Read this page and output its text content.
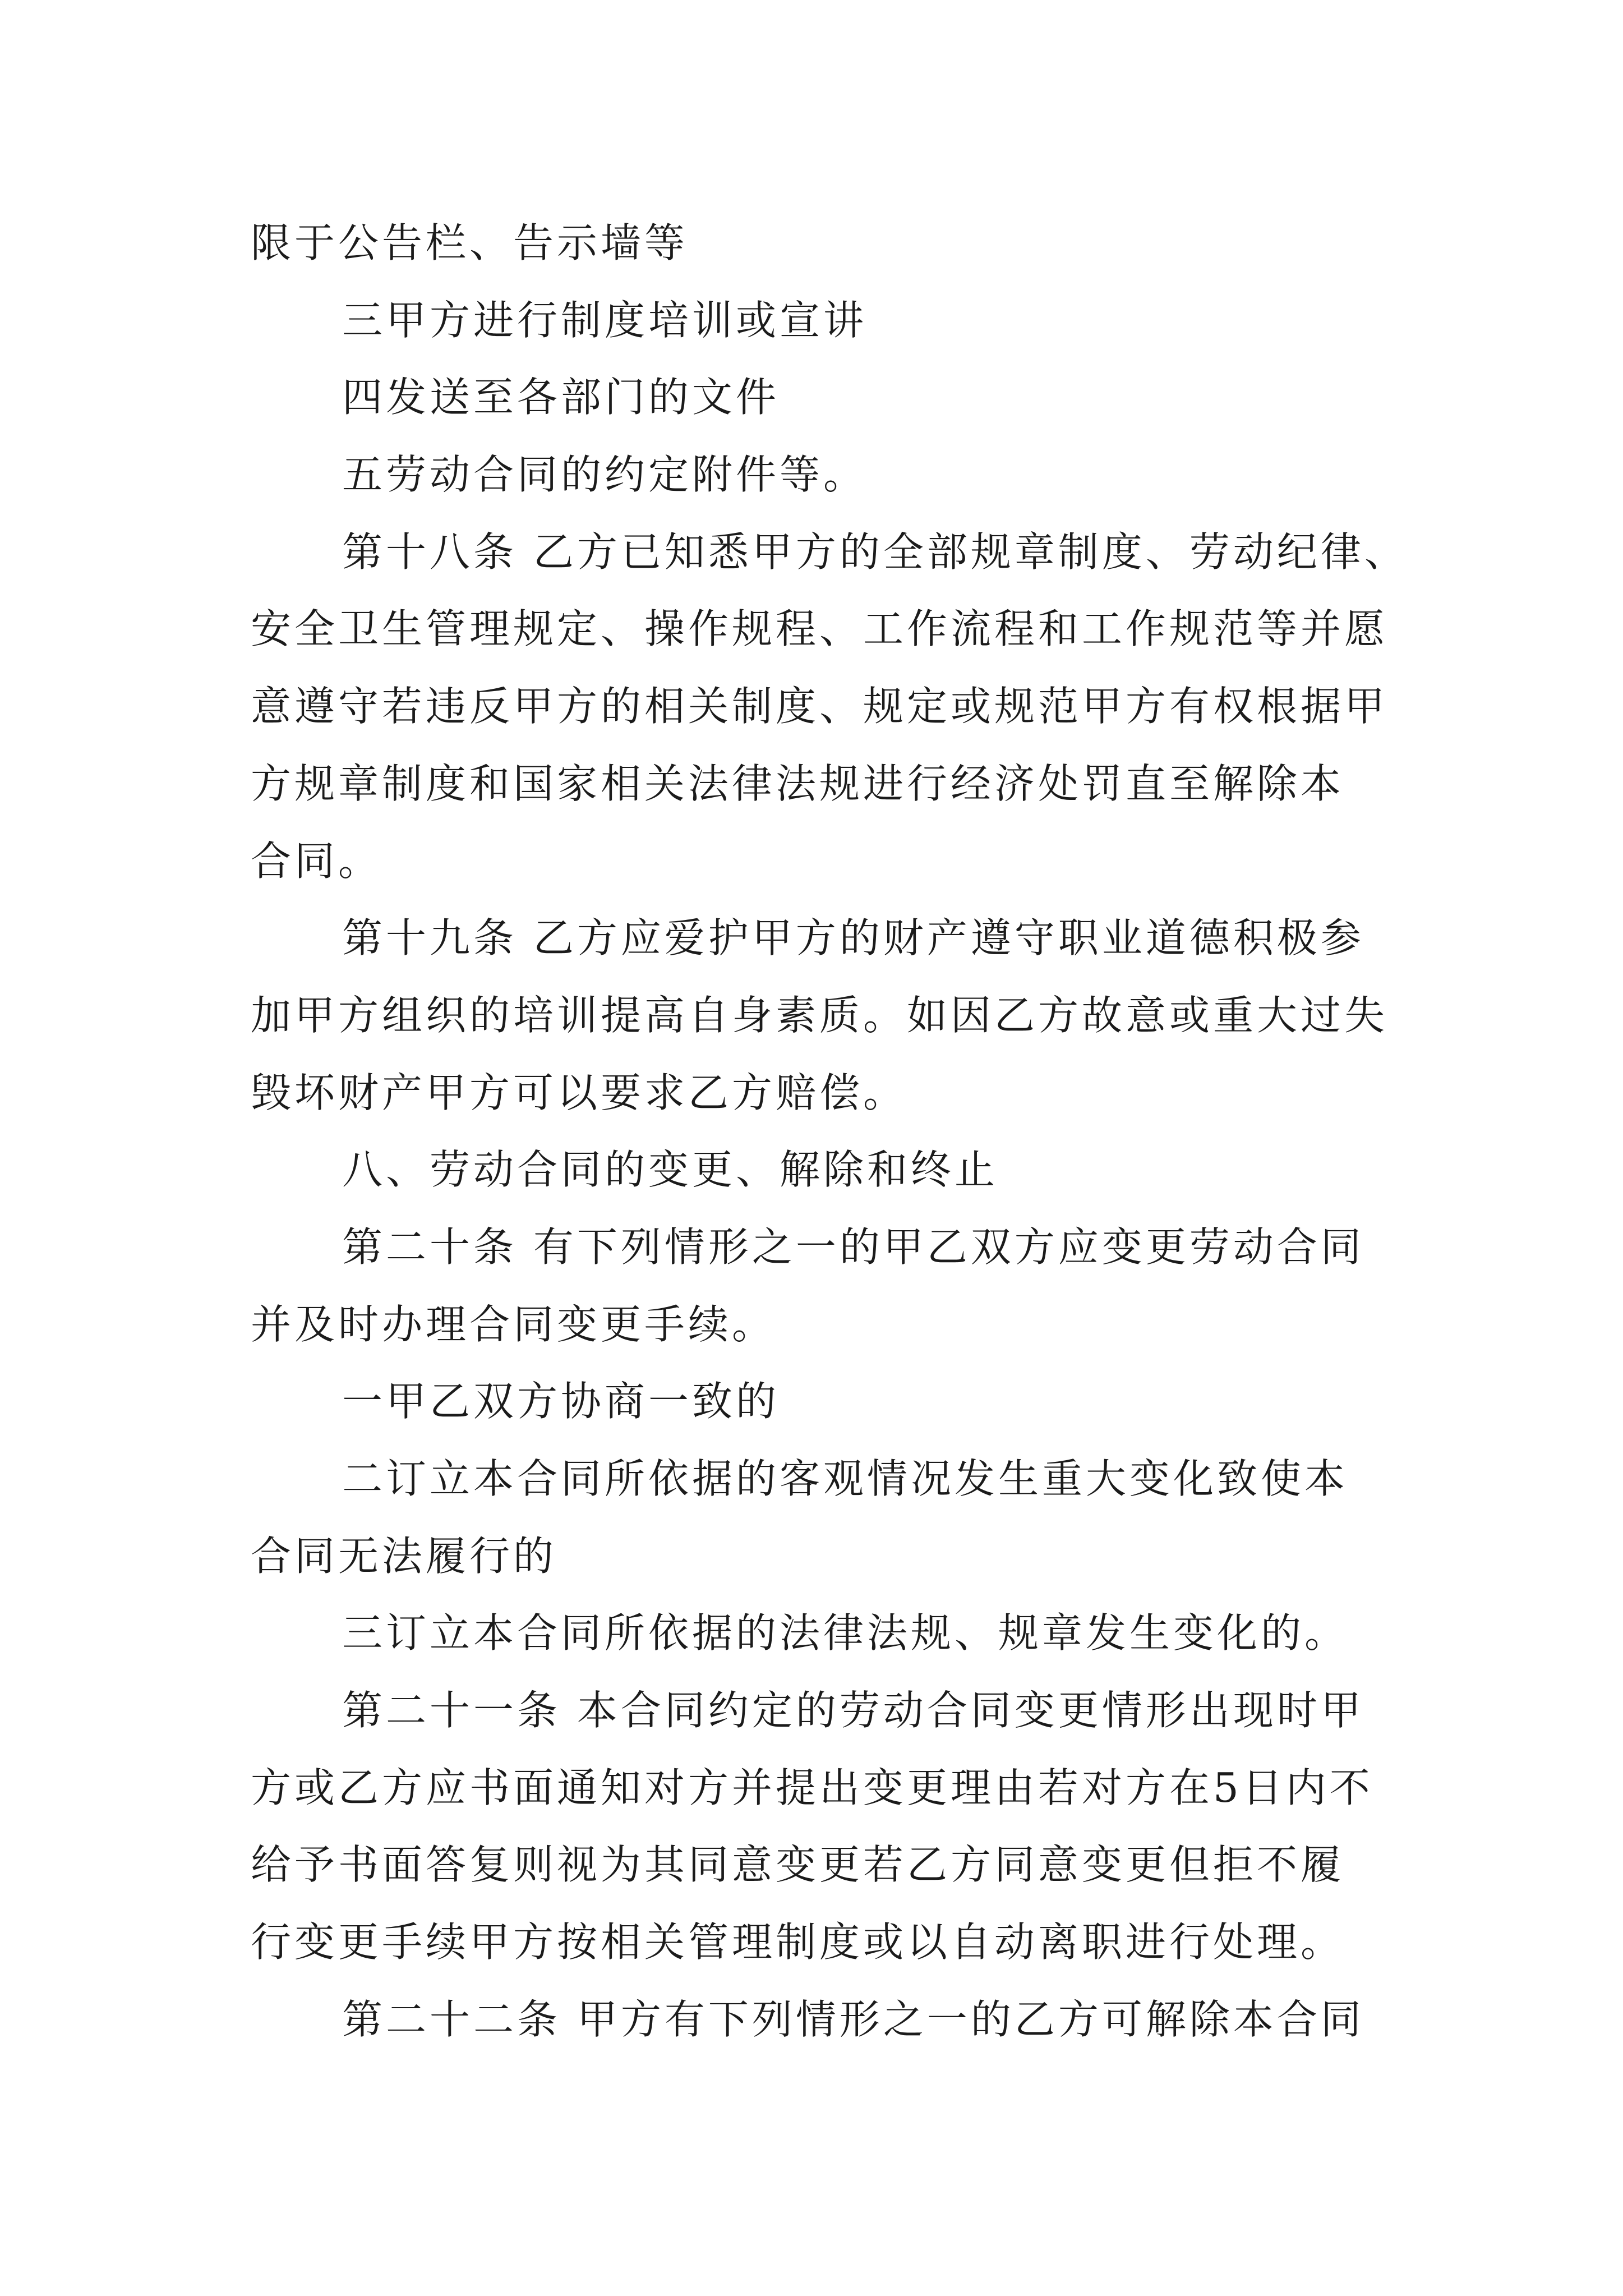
限于公告栏、告示墙等
三甲方进行制度培训或宣讲
四发送至各部门的文件
五劳动合同的约定附件等。
第十八条 乙方已知悉甲方的全部规章制度、劳动纪律、
安全卫生管理规定、操作规程、工作流程和工作规范等并愿
意遵守若违反甲方的相关制度、规定或规范甲方有权根据甲
方规章制度和国家相关法律法规进行经济处罚直至解除本
合同。
第十九条 乙方应爱护甲方的财产遵守职业道德积极参
加甲方组织的培训提高自身素质。如因乙方故意或重大过失
毁坏财产甲方可以要求乙方赔偿。
八、劳动合同的变更、解除和终止
第二十条 有下列情形之一的甲乙双方应变更劳动合同
并及时办理合同变更手续。
一甲乙双方协商一致的
二订立本合同所依据的客观情况发生重大变化致使本
合同无法履行的
三订立本合同所依据的法律法规、规章发生变化的。
第二十一条 本合同约定的劳动合同变更情形出现时甲
方或乙方应书面通知对方并提出变更理由若对方在5日内不
给予书面答复则视为其同意变更若乙方同意变更但拒不履
行变更手续甲方按相关管理制度或以自动离职进行处理。
第二十二条 甲方有下列情形之一的乙方可解除本合同
